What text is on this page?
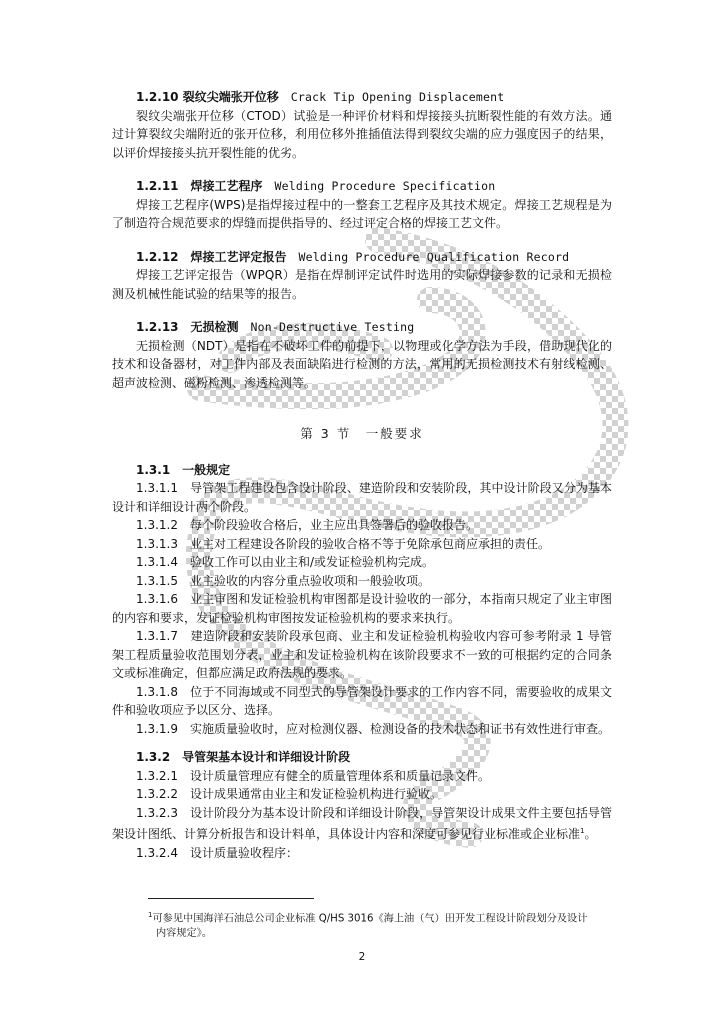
1.2.10 裂纹尖端张开位移　 Crack Tip Opening Displacement

裂纹尖端张开位移（CTOD）试验是一种评价材料和焊接接头抗断裂性能的有效方法。通过计算裂纹尖端附近的张开位移，利用位移外推插值法得到裂纹尖端的应力强度因子的结果，以评价焊接接头抗开裂性能的优劣。

1.2.11　焊接工艺程序　 Welding Procedure Specification

焊接工艺程序(WPS)是指焊接过程中的一整套工艺程序及其技术规定。焊接工艺规程是为了制造符合规范要求的焊缝而提供指导的、经过评定合格的焊接工艺文件。

1.2.12　焊接工艺评定报告　 Welding Procedure Qualification Record

焊接工艺评定报告（WPQR）是指在焊制评定试件时选用的实际焊接参数的记录和无损检测及机械性能试验的结果等的报告。

1.2.13　无损检测　 Non-Destructive Testing

无损检测（NDT）是指在不破坏工件的前提下，以物理或化学方法为手段，借助现代化的技术和设备器材，对工件内部及表面缺陷进行检测的方法，常用的无损检测技术有射线检测、超声波检测、磁粉检测、渗透检测等。

第 3 节　一般要求

1.3.1　一般规定

1.3.1.1　导管架工程建设包含设计阶段、建造阶段和安装阶段，其中设计阶段又分为基本设计和详细设计两个阶段。

1.3.1.2　每个阶段验收合格后，业主应出具签署后的验收报告。

1.3.1.3　业主对工程建设各阶段的验收合格不等于免除承包商应承担的责任。

1.3.1.4　验收工作可以由业主和/或发证检验机构完成。

1.3.1.5　业主验收的内容分重点验收项和一般验收项。

1.3.1.6　业主审图和发证检验机构审图都是设计验收的一部分，本指南只规定了业主审图的内容和要求，发证检验机构审图按发证检验机构的要求来执行。

1.3.1.7　建造阶段和安装阶段承包商、业主和发证检验机构验收内容可参考附录 1 导管架工程质量验收范围划分表，业主和发证检验机构在该阶段要求不一致的可根据约定的合同条文或标准确定，但都应满足政府法规的要求。

1.3.1.8　位于不同海域或不同型式的导管架设计要求的工作内容不同，需要验收的成果文件和验收项应予以区分、选择。

1.3.1.9　实施质量验收时，应对检测仪器、检测设备的技术状态和证书有效性进行审查。

1.3.2　导管架基本设计和详细设计阶段

1.3.2.1　设计质量管理应有健全的质量管理体系和质量记录文件。

1.3.2.2　设计成果通常由业主和发证检验机构进行验收。

1.3.2.3　设计阶段分为基本设计阶段和详细设计阶段，导管架设计成果文件主要包括导管架设计图纸、计算分析报告和设计料单，具体设计内容和深度可参见行业标准或企业标准$^1$。

1.3.2.4　设计质量验收程序：

$^1$可参见中国海洋石油总公司企业标准 Q/HS 3016《海上油（气）田开发工程设计阶段划分及设计
内容规定》。
2
